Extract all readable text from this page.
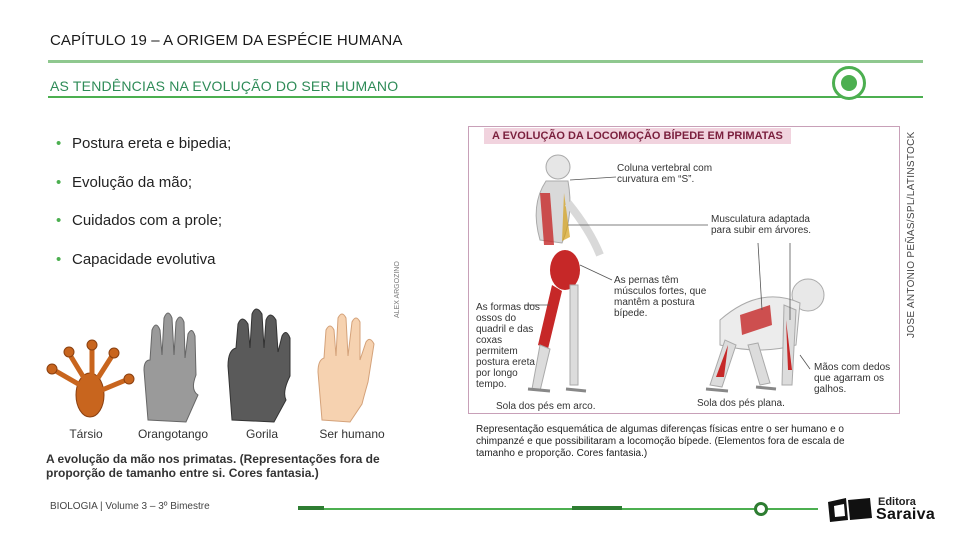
CAPÍTULO 19 – A ORIGEM DA ESPÉCIE HUMANA
AS TENDÊNCIAS NA EVOLUÇÃO DO SER HUMANO
• Postura ereta e bipedia;
• Evolução da mão;
• Cuidados com a prole;
• Capacidade evolutiva
Társio	Orangotango	Gorila	Ser humano
A evolução da mão nos primatas. (Representações fora de proporção de tamanho entre si. Cores fantasia.)
ALEX ARGOZINO
A EVOLUÇÃO DA LOCOMOÇÃO BÍPEDE EM PRIMATAS
Coluna vertebral com curvatura em “S”.
Musculatura adaptada para subir em árvores.
As pernas têm músculos fortes, que mantêm a postura bípede.
As formas dos ossos do quadril e das coxas permitem postura ereta por longo tempo.
Mãos com dedos que agarram os galhos.
Sola dos pés em arco.	Sola dos pés plana.
JOSE ANTONIO PEÑAS/SPL/LATINSTOCK
Representação esquemática de algumas diferenças físicas entre o ser humano e o chimpanzé e que possibilitaram a locomoção bípede. (Elementos fora de escala de tamanho e proporção. Cores fantasia.)
BIOLOGIA | Volume 3 – 3º Bimestre	Editora
Saraiva
